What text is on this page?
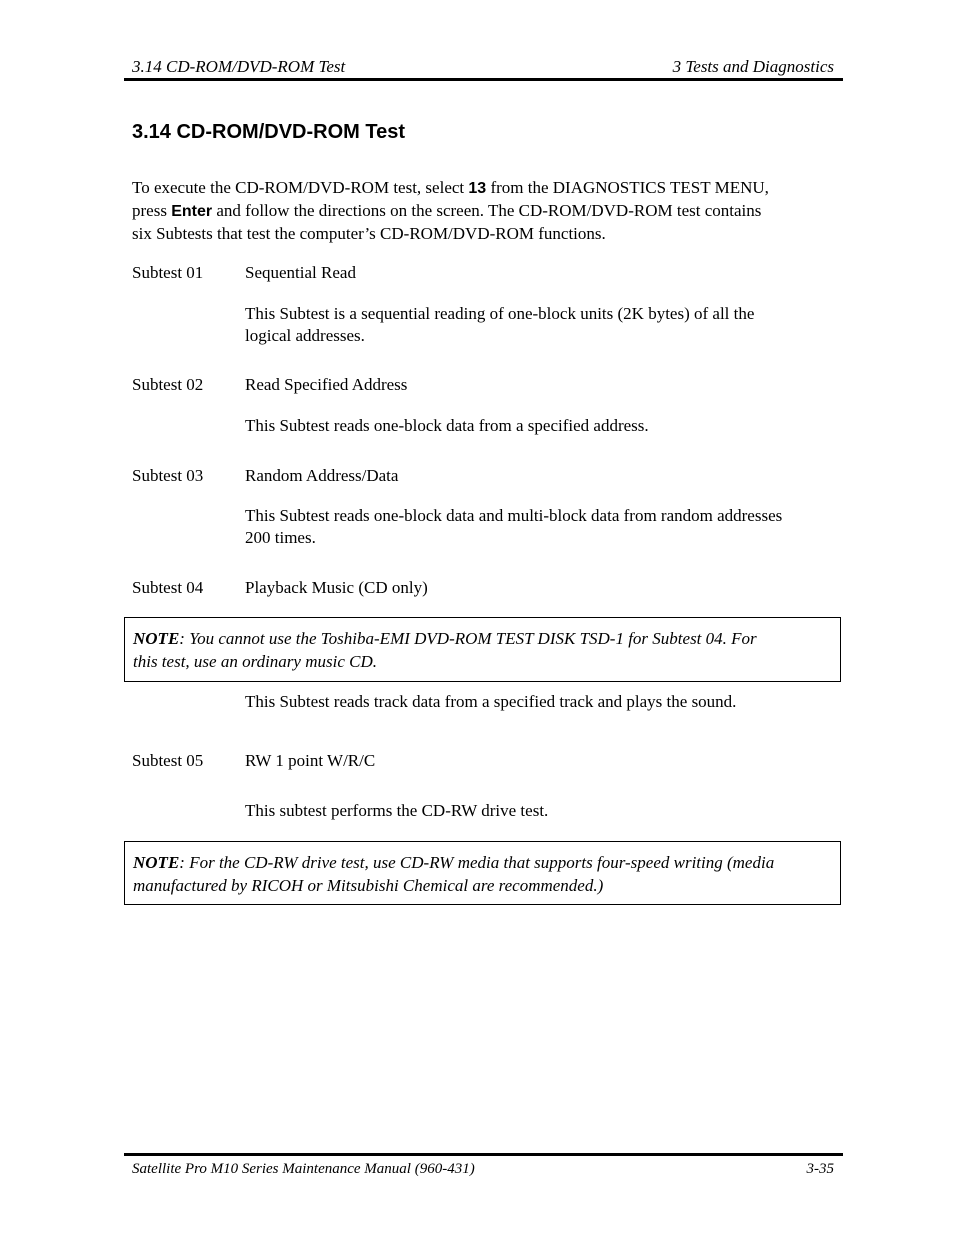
3.14 CD-ROM/DVD-ROM Test	3 Tests and Diagnostics
3.14 CD-ROM/DVD-ROM Test

To execute the CD-ROM/DVD-ROM test, select 13 from the DIAGNOSTICS TEST MENU,

press Enter and follow the directions on the screen. The CD-ROM/DVD-ROM test contains

six Subtests that test the computer’s CD-ROM/DVD-ROM functions.

Subtest 01 Sequential Read

This Subtest is a sequential reading of one-block units (2K bytes) of all the

logical addresses.

Subtest 02 Read Specified Address

This Subtest reads one-block data from a specified address.

Subtest 03 Random Address/Data

This Subtest reads one-block data and multi-block data from random addresses

200 times.

Subtest 04 Playback Music (CD only)

NOTE: You cannot use the Toshiba-EMI DVD-ROM TEST DISK TSD-1 for Subtest 04. For

this test, use an ordinary music CD.

This Subtest reads track data from a specified track and plays the sound.

Subtest 05 RW 1 point W/R/C

This subtest performs the CD-RW drive test.

NOTE: For the CD-RW drive test, use CD-RW media that supports four-speed writing (media

manufactured by RICOH or Mitsubishi Chemical are recommended.)

Satellite Pro M10 Series Maintenance Manual (960-431)	3-35
